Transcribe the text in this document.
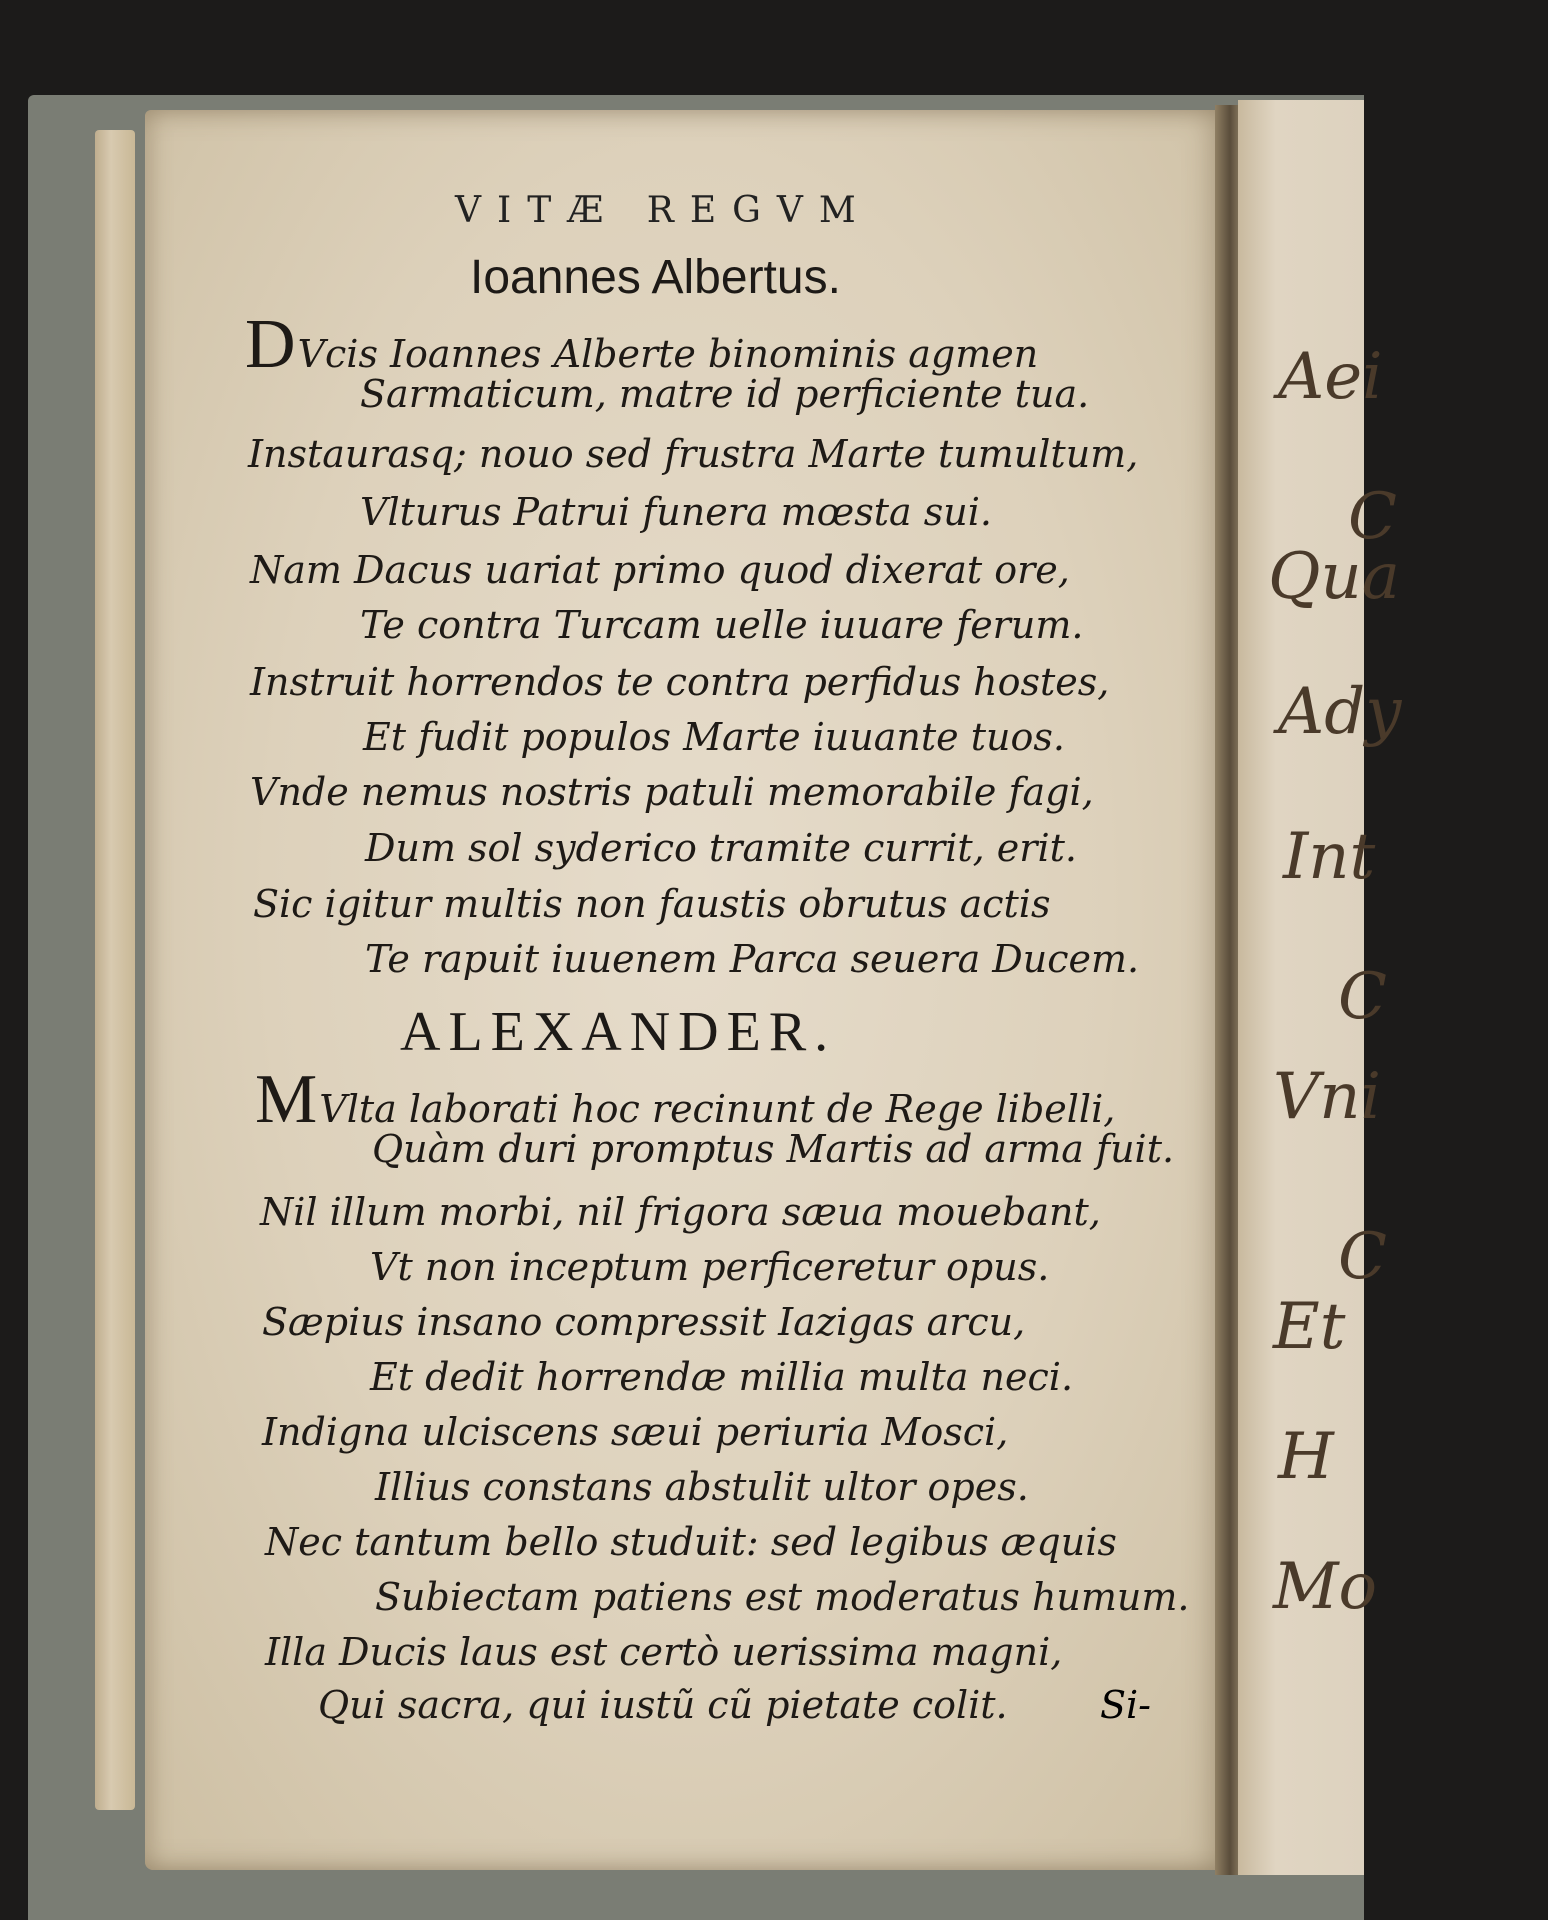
Aei
C
Qua
Ady
Int
C
Vni
C
Et
H
Mo
VITÆ REGVM
Ioannes Albertus.
DVcis Ioannes Alberte binominis agmen
Sarmaticum, matre id perficiente tua.
Instaurasq; nouo sed frustra Marte tumultum,
Vlturus Patrui funera mœsta sui.
Nam Dacus uariat primo quod dixerat ore,
Te contra Turcam uelle iuuare ferum.
Instruit horrendos te contra perfidus hostes,
Et fudit populos Marte iuuante tuos.
Vnde nemus nostris patuli memorabile fagi,
Dum sol syderico tramite currit, erit.
Sic igitur multis non faustis obrutus actis
Te rapuit iuuenem Parca seuera Ducem.
ALEXANDER.
MVlta laborati hoc recinunt de Rege libelli,
Quàm duri promptus Martis ad arma fuit.
Nil illum morbi, nil frigora sæua mouebant,
Vt non inceptum perficeretur opus.
Sæpius insano compressit Iazigas arcu,
Et dedit horrendæ millia multa neci.
Indigna ulciscens sæui periuria Mosci,
Illius constans abstulit ultor opes.
Nec tantum bello studuit: sed legibus æquis
Subiectam patiens est moderatus humum.
Illa Ducis laus est certò uerissima magni,
Qui sacra, qui iustũ cũ pietate colit. Si-
